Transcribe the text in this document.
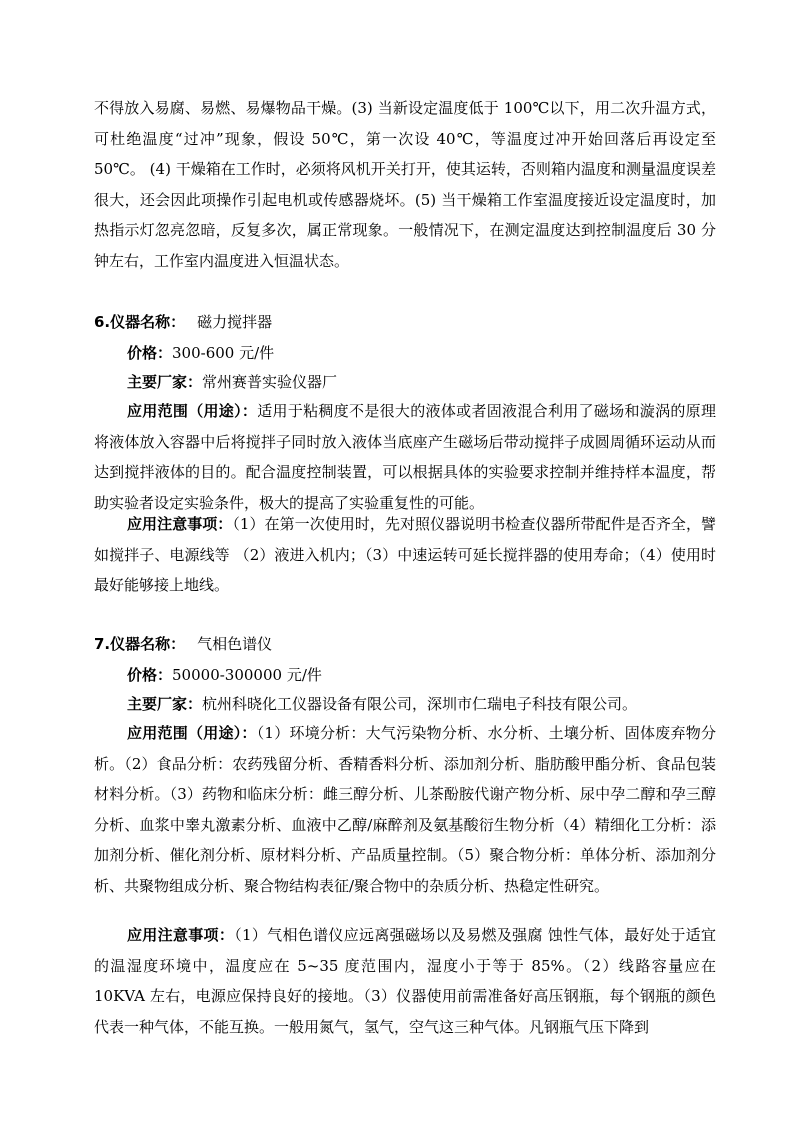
不得放入易腐、易燃、易爆物品干燥。(3) 当新设定温度低于 100℃以下，用二次升温方式，可杜绝温度“过冲”现象，假设 50℃，第一次设 40℃，等温度过冲开始回落后再设定至 50℃。 (4) 干燥箱在工作时，必须将风机开关打开，使其运转，否则箱内温度和测量温度误差很大，还会因此项操作引起电机或传感器烧坏。(5) 当干燥箱工作室温度接近设定温度时，加热指示灯忽亮忽暗，反复多次，属正常现象。一般情况下，在测定温度达到控制温度后 30 分钟左右，工作室内温度进入恒温状态。

6.仪器名称： 磁力搅拌器

价格：300-600 元/件

主要厂家：常州赛普实验仪器厂

应用范围（用途）：适用于粘稠度不是很大的液体或者固液混合利用了磁场和漩涡的原理将液体放入容器中后将搅拌子同时放入液体当底座产生磁场后带动搅拌子成圆周循环运动从而达到搅拌液体的目的。配合温度控制装置，可以根据具体的实验要求控制并维持样本温度，帮助实验者设定实验条件，极大的提高了实验重复性的可能。

应用注意事项：（1）在第一次使用时，先对照仪器说明书检查仪器所带配件是否齐全，譬如搅拌子、电源线等 （2）液进入机内；（3）中速运转可延长搅拌器的使用寿命；（4）使用时最好能够接上地线。

7.仪器名称： 气相色谱仪

价格：50000-300000 元/件

主要厂家：杭州科晓化工仪器设备有限公司，深圳市仁瑞电子科技有限公司。

应用范围（用途）：（1）环境分析：大气污染物分析、水分析、土壤分析、固体废弃物分析。（2）食品分析：农药残留分析、香精香料分析、添加剂分析、脂肪酸甲酯分析、食品包装材料分析。（3）药物和临床分析：雌三醇分析、儿茶酚胺代谢产物分析、尿中孕二醇和孕三醇分析、血浆中睾丸激素分析、血液中乙醇/麻醉剂及氨基酸衍生物分析（4）精细化工分析：添加剂分析、催化剂分析、原材料分析、产品质量控制。（5）聚合物分析：单体分析、添加剂分析、共聚物组成分析、聚合物结构表征/聚合物中的杂质分析、热稳定性研究。

应用注意事项：（1）气相色谱仪应远离强磁场以及易燃及强腐 蚀性气体，最好处于适宜的温湿度环境中，温度应在 5~35 度范围内，湿度小于等于 85%。（2）线路容量应在 10KVA 左右，电源应保持良好的接地。（3）仪器使用前需准备好高压钢瓶，每个钢瓶的颜色代表一种气体，不能互换。一般用氮气，氢气，空气这三种气体。凡钢瓶气压下降到
